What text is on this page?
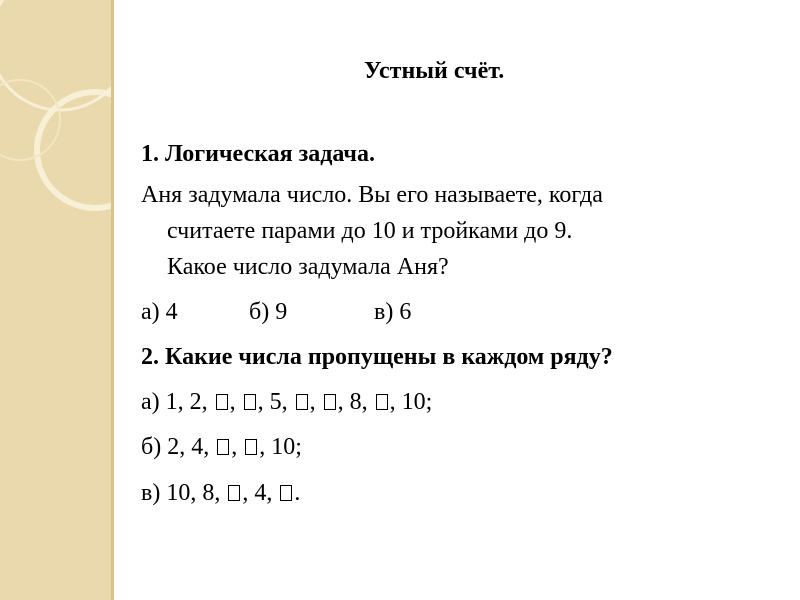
Устный счёт.
1. Логическая задача.
Аня задумала число. Вы его называете, когда
считаете парами до 10 и тройками до 9.
Какое число задумала Аня?
а) 4	б) 9	в) 6
2. Какие числа пропущены в каждом ряду?
а) 1, 2, , , 5, , , 8, , 10;
б) 2, 4, , , 10;
в) 10, 8, , 4, .
